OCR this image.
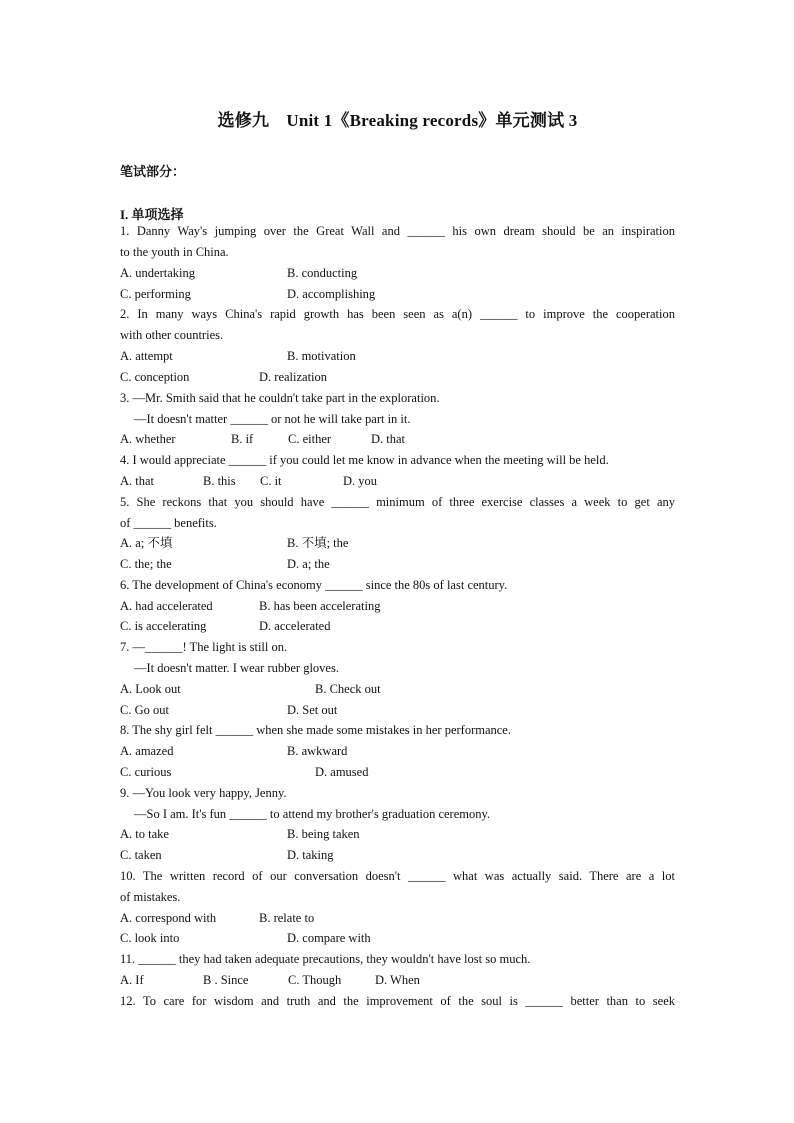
选修九　Unit 1《Breaking records》单元测试 3
笔试部分：
I. 单项选择
1. Danny Way's jumping over the Great Wall and ______ his own dream should be an inspiration
to the youth in China.
A. undertaking	B. conducting
C. performing	D. accomplishing
2. In many ways China's rapid growth has been seen as a(n) ______ to improve the cooperation
with other countries.
A. attempt	B. motivation
C. conception	D. realization
3. —Mr. Smith said that he couldn't take part in the exploration.
—It doesn't matter ______ or not he will take part in it.
A. whether	B. if	C. either	D. that
4. I would appreciate ______ if you could let me know in advance when the meeting will be held.
A. that	B. this C. it	D. you
5. She reckons that you should have ______ minimum of three exercise classes a week to get any
of ______ benefits.
A. a; 不填	B. 不填; the
C. the; the	D. a; the
6. The development of China's economy ______ since the 80s of last century.
A. had accelerated	B. has been accelerating
C. is accelerating	D. accelerated
7. —______! The light is still on.
—It doesn't matter. I wear rubber gloves.
A. Look out	B. Check out
C. Go out	D. Set out
8. The shy girl felt ______ when she made some mistakes in her performance.
A. amazed	B. awkward
C. curious	D. amused
9. —You look very happy, Jenny.
—So I am. It's fun ______ to attend my brother's graduation ceremony.
A. to take	B. being taken
C. taken	D. taking
10. The written record of our conversation doesn't ______ what was actually said. There are a lot
of mistakes.
A. correspond with	B. relate to
C. look into	D. compare with
11. ______ they had taken adequate precautions, they wouldn't have lost so much.
A. If	B . Since	C. Though	D. When
12. To care for wisdom and truth and the improvement of the soul is ______ better than to seek
